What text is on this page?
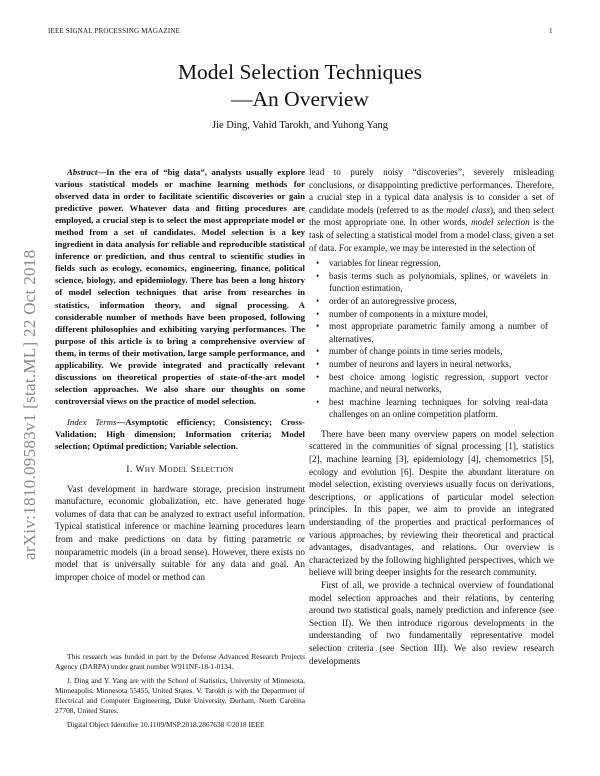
IEEE SIGNAL PROCESSING MAGAZINE	1
arXiv:1810.09583v1 [stat.ML] 22 Oct 2018
Model Selection Techniques
—An Overview
Jie Ding, Vahid Tarokh, and Yuhong Yang

Abstract—In the era of “big data”, analysts usually explore various statistical models or machine learning methods for observed data in order to facilitate scientific discoveries or gain predictive power. Whatever data and fitting procedures are employed, a crucial step is to select the most appropriate model or method from a set of candidates. Model selection is a key ingredient in data analysis for reliable and reproducible statistical inference or prediction, and thus central to scientific studies in fields such as ecology, economics, engineering, finance, political science, biology, and epidemiology. There has been a long history of model selection techniques that arise from researches in statistics, information theory, and signal processing. A considerable number of methods have been proposed, following different philosophies and exhibiting varying performances. The purpose of this article is to bring a comprehensive overview of them, in terms of their motivation, large sample performance, and applicability. We provide integrated and practically relevant discussions on theoretical properties of state-of-the-art model selection approaches. We also share our thoughts on some controversial views on the practice of model selection.

Index Terms—Asymptotic efficiency; Consistency; Cross-Validation; High dimension; Information criteria; Model selection; Optimal prediction; Variable selection.

I. Why Model Selection

Vast development in hardware storage, precision instrument manufacture, economic globalization, etc. have generated huge volumes of data that can be analyzed to extract useful information. Typical statistical inference or machine learning procedures learn from and make predictions on data by fitting parametric or nonparametric models (in a broad sense). However, there exists no model that is universally suitable for any data and goal. An improper choice of model or method can

This research was funded in part by the Defense Advanced Research Projects Agency (DARPA) under grant number W911NF-18-1-0134.

J. Ding and Y. Yang are with the School of Statistics, University of Minnesota, Minneapolis, Minnesota 55455, United States. V. Tarokh is with the Department of Electrical and Computer Engineering, Duke University, Durham, North Carolina 27708, United States.

Digital Object Identifier 10.1109/MSP.2018.2867638 ©2018 IEEE

lead to purely noisy “discoveries”, severely misleading conclusions, or disappointing predictive performances. Therefore, a crucial step in a typical data analysis is to consider a set of candidate models (referred to as the model class), and then select the most appropriate one. In other words, model selection is the task of selecting a statistical model from a model class, given a set of data. For example, we may be interested in the selection of

• variables for linear regression,
• basis terms such as polynomials, splines, or wavelets in function estimation,
• order of an autoregressive process,
• number of components in a mixture model,
• most appropriate parametric family among a number of alternatives,
• number of change points in time series models,
• number of neurons and layers in neural networks,
• best choice among logistic regression, support vector machine, and neural networks,
• best machine learning techniques for solving real-data challenges on an online competition platform.

There have been many overview papers on model selection scattered in the communities of signal processing [1], statistics [2], machine learning [3], epidemiology [4], chemometrics [5], ecology and evolution [6]. Despite the abundant literature on model selection, existing overviews usually focus on derivations, descriptions, or applications of particular model selection principles. In this paper, we aim to provide an integrated understanding of the properties and practical performances of various approaches, by reviewing their theoretical and practical advantages, disadvantages, and relations. Our overview is characterized by the following highlighted perspectives, which we believe will bring deeper insights for the research community.

First of all, we provide a technical overview of foundational model selection approaches and their relations, by centering around two statistical goals, namely prediction and inference (see Section II). We then introduce rigorous developments in the understanding of two fundamentally representative model selection criteria (see Section III). We also review research developments
